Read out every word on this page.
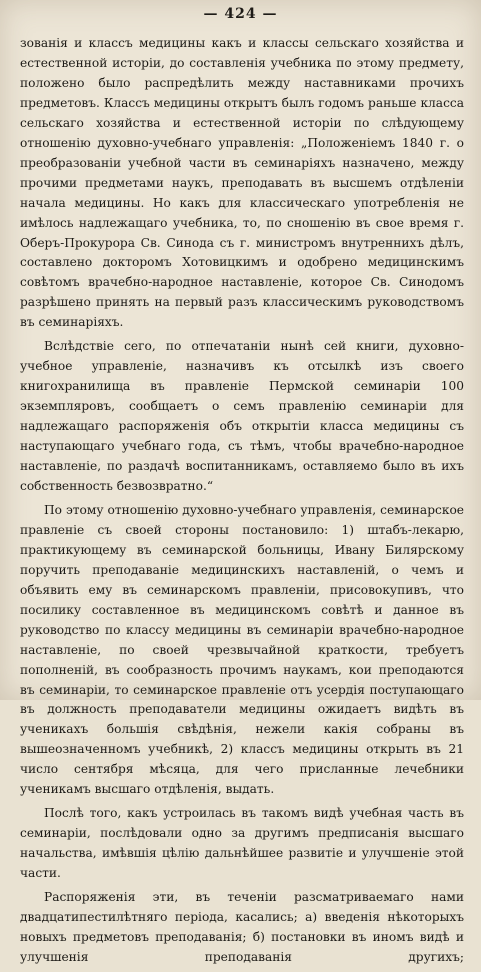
— 424 —

зованія и классъ медицины какъ и классы сельскаго хозяйства и естественной исторіи, до составленія учебника по этому предмету, положено было распредѣлить между наставниками прочихъ предметовъ. Классъ медицины открытъ былъ годомъ раньше класса сельскаго хозяйства и естественной исторіи по слѣдующему отношенію духовно-учебнаго управленія: „Положеніемъ 1840 г. о преобразованіи учебной части въ семинаріяхъ назначено, между прочими предметами наукъ, преподавать въ высшемъ отдѣленіи начала медицины. Но какъ для классическаго употребленія не имѣлось надлежащаго учебника, то, по сношенію въ свое время г. Оберъ-Прокурора Св. Синода съ г. министромъ внутреннихъ дѣлъ, составлено докторомъ Хотовицкимъ и одобрено медицинскимъ совѣтомъ врачебно-народное наставленіе, которое Св. Синодомъ разрѣшено принять на первый разъ классическимъ руководствомъ въ семинаріяхъ.

Вслѣдствіе сего, по отпечатаніи нынѣ сей книги, духовно-учебное управленіе, назначивъ къ отсылкѣ изъ своего книгохранилища въ правленіе Пермской семинаріи 100 экземпляровъ, сообщаетъ о семъ правленію семинаріи для надлежащаго распоряженія объ открытіи класса медицины съ наступающаго учебнаго года, съ тѣмъ, чтобы врачебно-народное наставленіе, по раздачѣ воспитанникамъ, оставляемо было въ ихъ собственность безвозвратно.“

По этому отношенію духовно-учебнаго управленія, семинарское правленіе съ своей стороны постановило: 1) штабъ-лекарю, практикующему въ семинарской больницы, Ивану Билярскому поручить преподаваніе медицинскихъ наставленій, о чемъ и объявить ему въ семинарскомъ правленіи, присовокупивъ, что посилику составленное въ медицинскомъ совѣтѣ и данное въ руководство по классу медицины въ семинаріи врачебно-народное наставленіе, по своей чрезвычайной краткости, требуетъ пополненій, въ сообразность прочимъ наукамъ, кои преподаются въ семинаріи, то семинарское правленіе отъ усердія поступающаго въ должность преподаватели медицины ожидаетъ видѣть въ ученикахъ большія свѣдѣнія, нежели какія собраны въ вышеозначенномъ учебникѣ, 2) классъ медицины открыть въ 21 число сентября мѣсяца, для чего присланные лечебники ученикамъ высшаго отдѣленія, выдать.

Послѣ того, какъ устроилась въ такомъ видѣ учебная часть въ семинаріи, послѣдовали одно за другимъ предписанія высшаго начальства, имѣвшія цѣлію дальнѣйшее развитіе и улучшеніе этой части.

Распоряженія эти, въ теченіи разсматриваемаго нами двадцатипестилѣтняго періода, касались; а) введенія нѣкоторыхъ новыхъ предметовъ преподаванія; б) постановки въ иномъ видѣ и улучшенія преподаванія другихъ;
